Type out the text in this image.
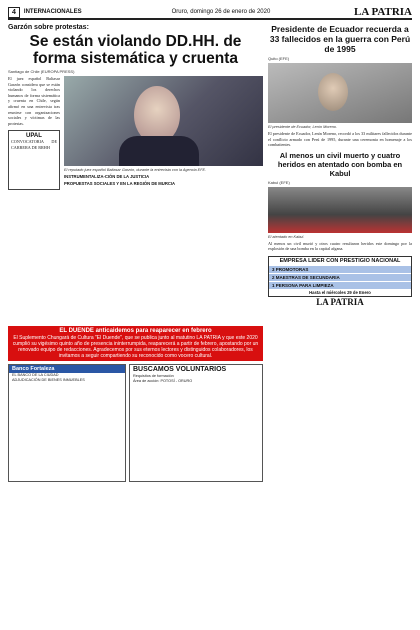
4	INTERNACIONALES	Oruro, domingo 26 de enero de 2020	LA PATRIA
Garzón sobre protestas:
Se están violando DD.HH. de forma sistemática y cruenta
Santiago de Chile (EUROPA PRESS)
El juez español Baltasar Garzón considera que se están violando los derechos humanos de forma sistemática y cruenta en Chile, según afirmó en una entrevista tras reunirse con organizaciones sociales y víctimas de las protestas.
UPAL
CONVOCATORIA DE CARRERA DE RRHH
El reputado juez español Baltasar Garzón, durante la entrevista con la Agencia EFE.
INSTRUMENTALIZA-CIÓN DE LA JUSTICIA
PROPUESTAS SOCIALES Y EN LA REGIÓN DE MURCIA
EL DUENDE anticaidemos para reaparecer en febrero
El Suplemento Chungará de Cultura "El Duende", que se publica junto al matutino LA PATRIA y que este 2020 cumplió su vigésimo quinto año de presencia ininterrumpida, reaparecerá a partir de febrero, apostando por un renovado equipo de redacciones. Agradecemos por sus eternos lectores y distinguidos colaboradores, los invitamos a seguir compartiendo su reconocido como vocero cultural.
Banco Fortaleza
EL BANCO DE LA CIUDAD
ADJUDICACIÓN DE BIENES INMUEBLES
BUSCAMOS VOLUNTARIOS
Requisitos de formación
Área de acción: POTOSÍ - ORURO
Presidente de Ecuador recuerda a 33 fallecidos en la guerra con Perú de 1995
Quito (EFE)
El presidente de Ecuador, Lenín Moreno.
El presidente de Ecuador, Lenín Moreno, recordó a los 33 militares fallecidos durante el conflicto armado con Perú de 1995, durante una ceremonia en homenaje a los combatientes.
Al menos un civil muerto y cuatro heridos en atentado con bomba en Kabul
Kabul (EFE)
El atentado en Kabul.
Al menos un civil murió y otros cuatro resultaron heridos este domingo por la explosión de una bomba en la capital afgana.
EMPRESA LIDER CON PRESTIGIO NACIONAL
3 PROMOTORAS
2 MAESTRAS DE SECUNDARIA
1 PERSONA PARA LIMPIEZA
Hasta el miércoles 29 de Enero
LA PATRIA
